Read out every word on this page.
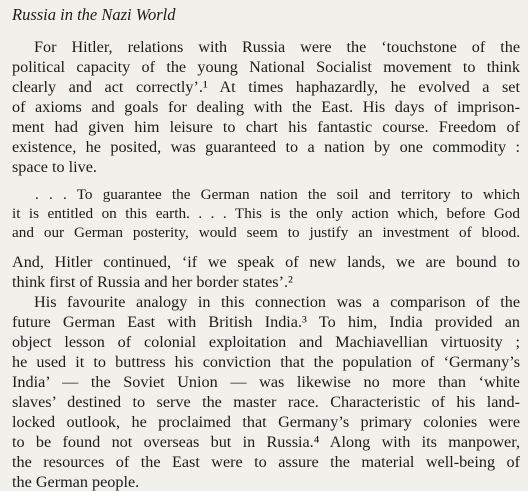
Russia in the Nazi World
For Hitler, relations with Russia were the ‘touchstone of the
political capacity of the young National Socialist movement to think
clearly and act correctly’.¹ At times haphazardly, he evolved a set
of axioms and goals for dealing with the East. His days of imprison-
ment had given him leisure to chart his fantastic course. Freedom of
existence, he posited, was guaranteed to a nation by one commodity :
space to live.
. . . To guarantee the German nation the soil and territory to which
it is entitled on this earth. . . . This is the only action which, before God
and our German posterity, would seem to justify an investment of blood.
And, Hitler continued, ‘if we speak of new lands, we are bound to
think first of Russia and her border states’.²
His favourite analogy in this connection was a comparison of the
future German East with British India.³ To him, India provided an
object lesson of colonial exploitation and Machiavellian virtuosity ;
he used it to buttress his conviction that the population of ‘Germany’s
India’ — the Soviet Union — was likewise no more than ‘white
slaves’ destined to serve the master race. Characteristic of his land-
locked outlook, he proclaimed that Germany’s primary colonies were
to be found not overseas but in Russia.⁴ Along with its manpower,
the resources of the East were to assure the material well-being of
the German people.
